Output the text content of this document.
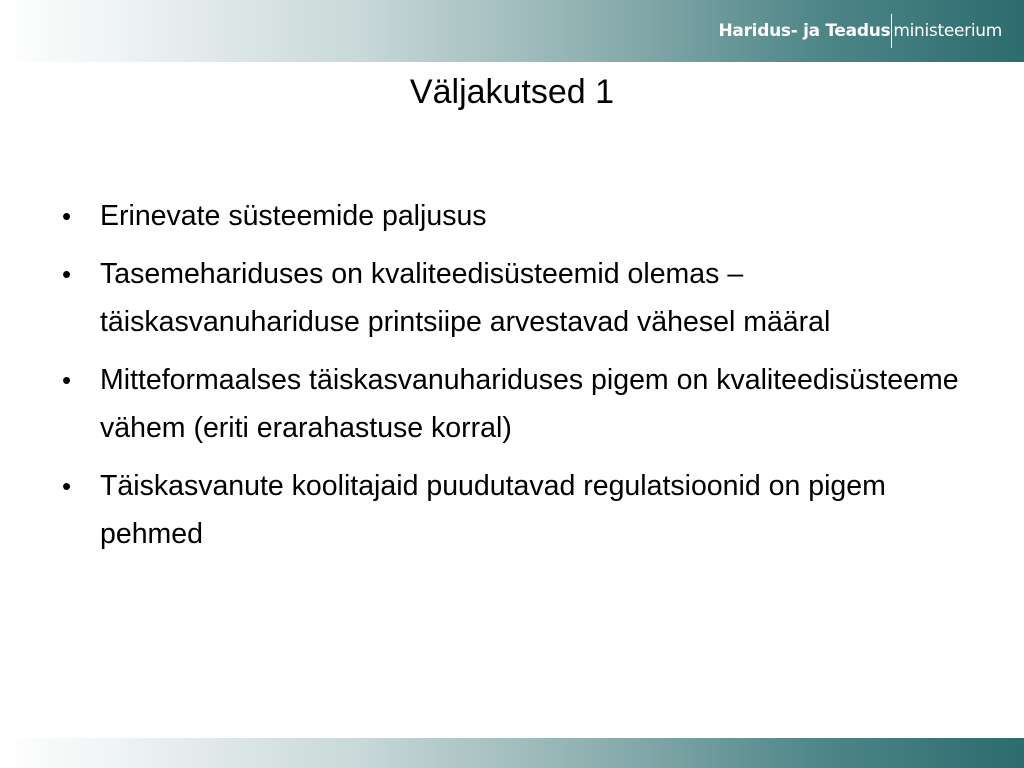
Haridus- ja Teadus ministeerium
Väljakutsed 1
• Erinevate süsteemide paljusus
• Tasemehariduses on kvaliteedisüsteemid olemas – täiskasvanuhariduse printsiipe arvestavad vähesel määral
• Mitteformaalses täiskasvanuhariduses pigem on kvaliteedisüsteeme vähem (eriti erarahastuse korral)
• Täiskasvanute koolitajaid puudutavad regulatsioonid on pigem pehmed
